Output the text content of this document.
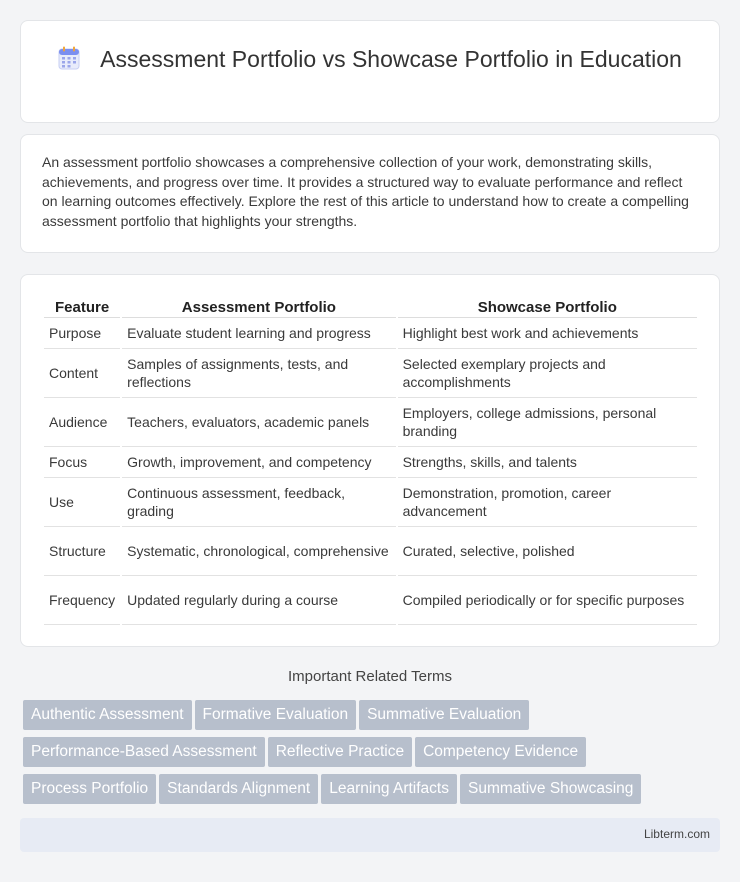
Assessment Portfolio vs Showcase Portfolio in Education

An assessment portfolio showcases a comprehensive collection of your work, demonstrating skills, achievements, and progress over time. It provides a structured way to evaluate performance and reflect on learning outcomes effectively. Explore the rest of this article to understand how to create a compelling assessment portfolio that highlights your strengths.

Feature	Assessment Portfolio	Showcase Portfolio
Purpose	Evaluate student learning and progress	Highlight best work and achievements
Content	Samples of assignments, tests, and reflections	Selected exemplary projects and accomplishments
Audience	Teachers, evaluators, academic panels	Employers, college admissions, personal branding
Focus	Growth, improvement, and competency	Strengths, skills, and talents
Use	Continuous assessment, feedback, grading	Demonstration, promotion, career advancement
Structure	Systematic, chronological, comprehensive	Curated, selective, polished
Frequency	Updated regularly during a course	Compiled periodically or for specific purposes
Important Related Terms
Authentic Assessment Formative Evaluation Summative Evaluation
Performance-Based Assessment Reflective Practice Competency Evidence
Process Portfolio Standards Alignment Learning Artifacts Summative Showcasing
Libterm.com
